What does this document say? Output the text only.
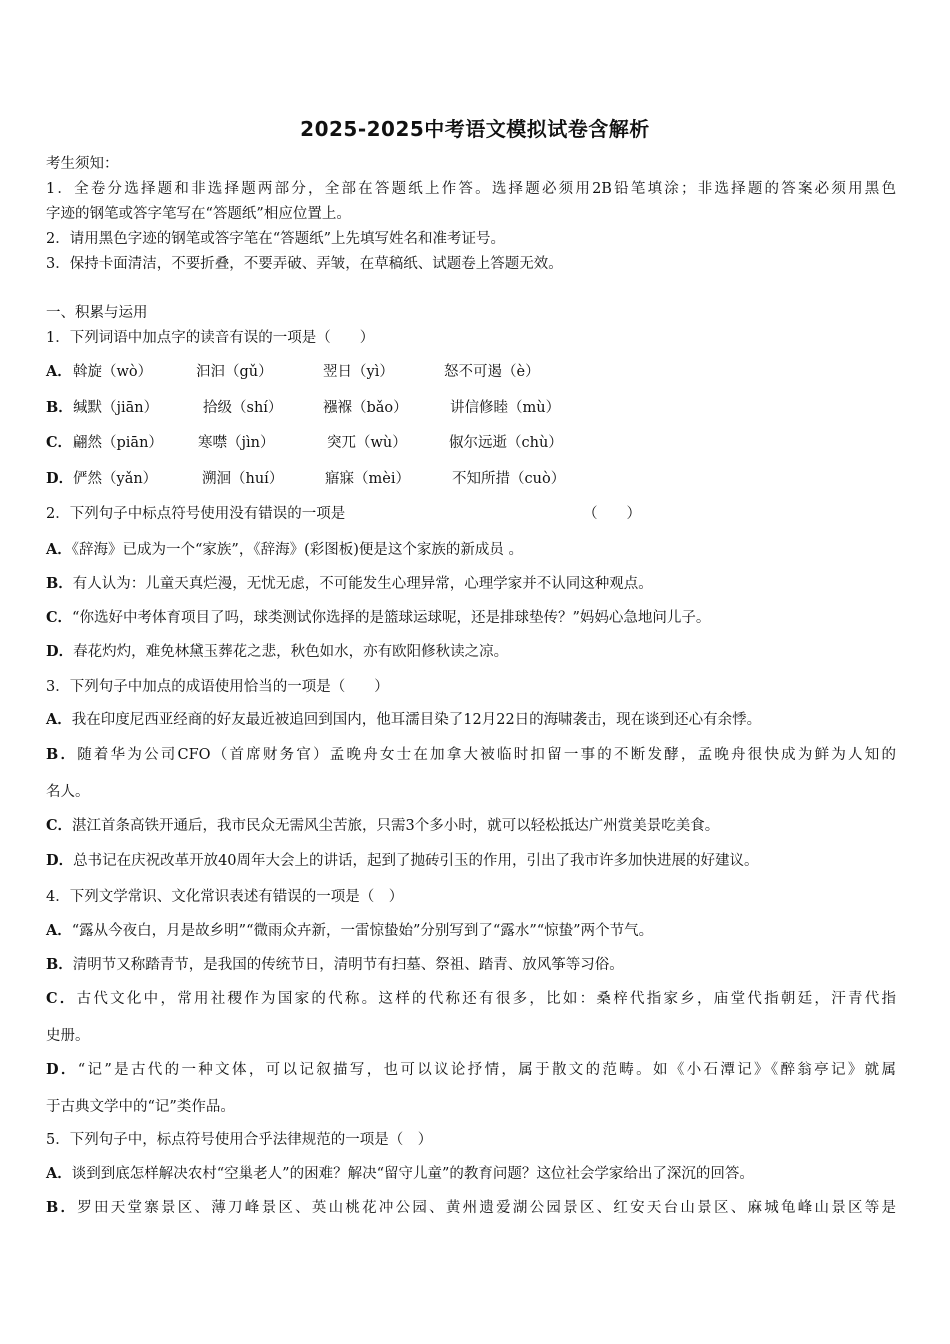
2025-2025中考语文模拟试卷含解析
考生须知：
1．全卷分选择题和非选择题两部分，全部在答题纸上作答。选择题必须用2B铅笔填涂；非选择题的答案必须用黑色
字迹的钢笔或答字笔写在“答题纸”相应位置上。
2．请用黑色字迹的钢笔或答字笔在“答题纸”上先填写姓名和准考证号。
3．保持卡面清洁，不要折叠，不要弄破、弄皱，在草稿纸、试题卷上答题无效。
一、积累与运用
1．下列词语中加点字的读音有误的一项是（　　）
A． 斡旋（wò）	汩汩（gǔ）	翌日（yì）	怒不可遏（è）
B． 缄默（jiān）	拾级（shí）	襁褓（bǎo）	讲信修睦（mù）
C． 翩然（piān） 寒噤（jìn）	突兀（wù）	俶尔远逝（chù）
D． 俨然（yǎn）	溯洄（huí）	寤寐（mèi）	不知所措（cuò）
2．下列句子中标点符号使用没有错误的一项是	（　　）
A．《辞海》已成为一个“家族”，《辞海》(彩图板)便是这个家族的新成员 。
B．有人认为：儿童天真烂漫，无忧无虑，不可能发生心理异常，心理学家并不认同这种观点。
C．“你选好中考体育项目了吗，球类测试你选择的是篮球运球呢，还是排球垫传？”妈妈心急地问儿子。
D．春花灼灼，难免林黛玉葬花之悲，秋色如水，亦有欧阳修秋读之凉。
3．下列句子中加点的成语使用恰当的一项是（　　）
A．我在印度尼西亚经商的好友最近被追回到国内，他耳濡目染了12月22日的海啸袭击，现在谈到还心有余悸。
B．随着华为公司CFO（首席财务官）孟晚舟女士在加拿大被临时扣留一事的不断发酵，孟晚舟很快成为鲜为人知的
名人。
C．湛江首条高铁开通后，我市民众无需风尘苦旅，只需3个多小时，就可以轻松抵达广州赏美景吃美食。
D．总书记在庆祝改革开放40周年大会上的讲话，起到了抛砖引玉的作用，引出了我市许多加快进展的好建议。
4．下列文学常识、文化常识表述有错误的一项是（　）
A．“露从今夜白，月是故乡明”“微雨众卉新，一雷惊蛰始”分别写到了“露水”“惊蛰”两个节气。
B．清明节又称踏青节，是我国的传统节日，清明节有扫墓、祭祖、踏青、放风筝等习俗。
C．古代文化中，常用社稷作为国家的代称。这样的代称还有很多，比如：桑梓代指家乡，庙堂代指朝廷，汗青代指
史册。
D．“记”是古代的一种文体，可以记叙描写，也可以议论抒情，属于散文的范畴。如《小石潭记》《醉翁亭记》就属
于古典文学中的“记”类作品。
5．下列句子中，标点符号使用合乎法律规范的一项是（　）
A．谈到到底怎样解决农村“空巢老人”的困难？解决“留守儿童”的教育问题？这位社会学家给出了深沉的回答。
B．罗田天堂寨景区、薄刀峰景区、英山桃花冲公园、黄州遗爱湖公园景区、红安天台山景区、麻城龟峰山景区等是
